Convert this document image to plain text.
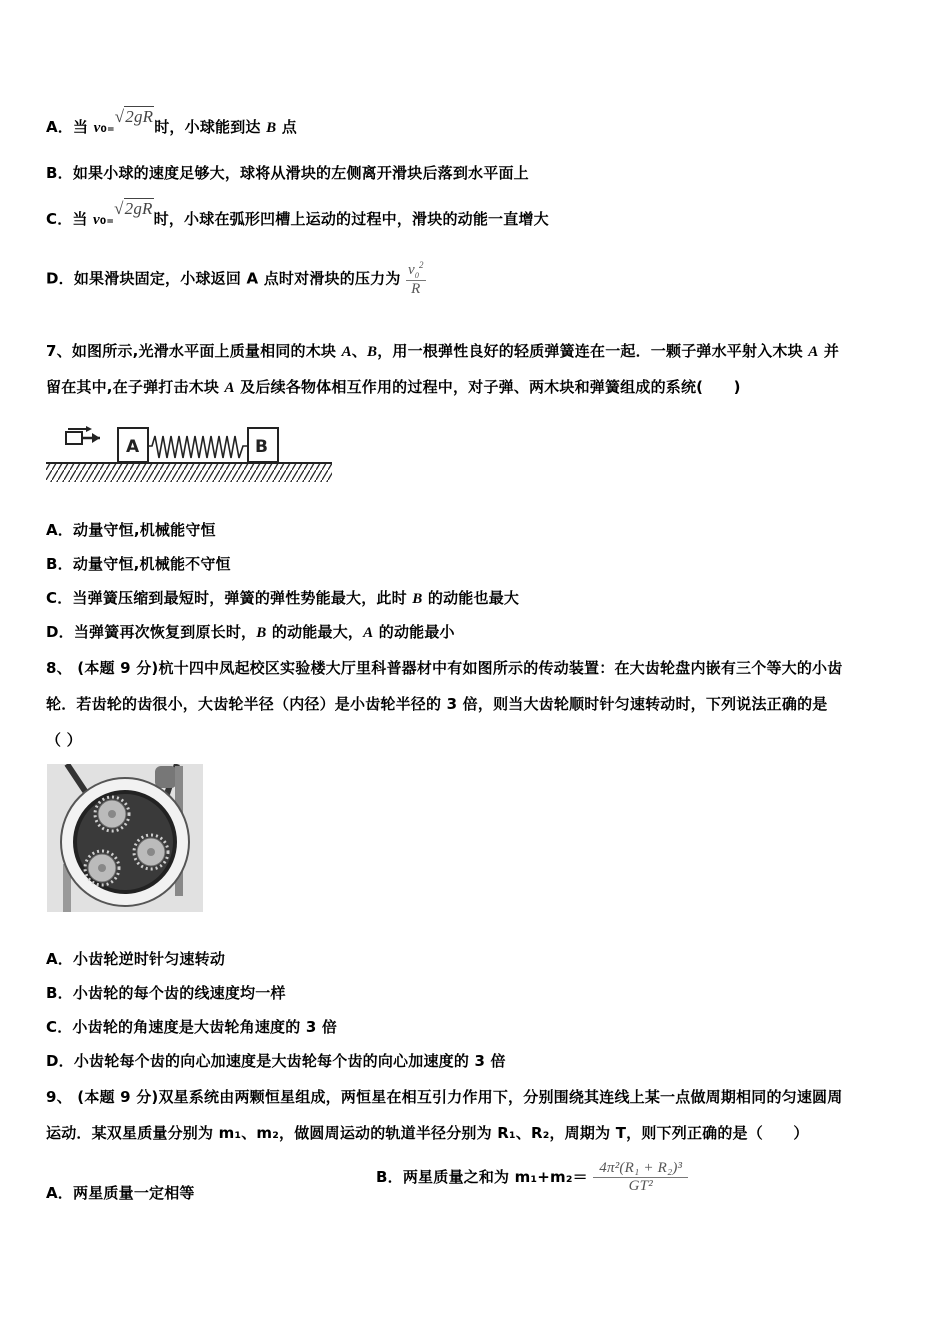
A．当 v0=√2gR时，小球能到达 B 点
B．如果小球的速度足够大，球将从滑块的左侧离开滑块后落到水平面上
C．当 v0=√2gR时，小球在弧形凹槽上运动的过程中，滑块的动能一直增大
D．如果滑块固定，小球返回 A 点时对滑块的压力为 $\frac{v_0^2}{R}$
7、如图所示,光滑水平面上质量相同的木块 A、B，用一根弹性良好的轻质弹簧连在一起．一颗子弹水平射入木块 A 并
留在其中,在子弹打击木块 A 及后续各物体相互作用的过程中，对子弹、两木块和弹簧组成的系统(　　)
A	B
A．动量守恒,机械能守恒
B．动量守恒,机械能不守恒
C．当弹簧压缩到最短时，弹簧的弹性势能最大，此时 B 的动能也最大
D．当弹簧再次恢复到原长时，B 的动能最大，A 的动能最小
8、 (本题 9 分)杭十四中凤起校区实验楼大厅里科普器材中有如图所示的传动装置：在大齿轮盘内嵌有三个等大的小齿
轮．若齿轮的齿很小，大齿轮半径（内径）是小齿轮半径的 3 倍，则当大齿轮顺时针匀速转动时，下列说法正确的是
（ ）
A．小齿轮逆时针匀速转动
B．小齿轮的每个齿的线速度均一样
C．小齿轮的角速度是大齿轮角速度的 3 倍
D．小齿轮每个齿的向心加速度是大齿轮每个齿的向心加速度的 3 倍
9、 (本题 9 分)双星系统由两颗恒星组成，两恒星在相互引力作用下，分别围绕其连线上某一点做周期相同的匀速圆周
运动．某双星质量分别为 m₁、m₂，做圆周运动的轨道半径分别为 R₁、R₂，周期为 T，则下列正确的是（　　）
A．两星质量一定相等
B．两星质量之和为 $m_1+m_2= \frac{\text{4π²(R₁ + R₂)³}}{\text{GT²}}$
